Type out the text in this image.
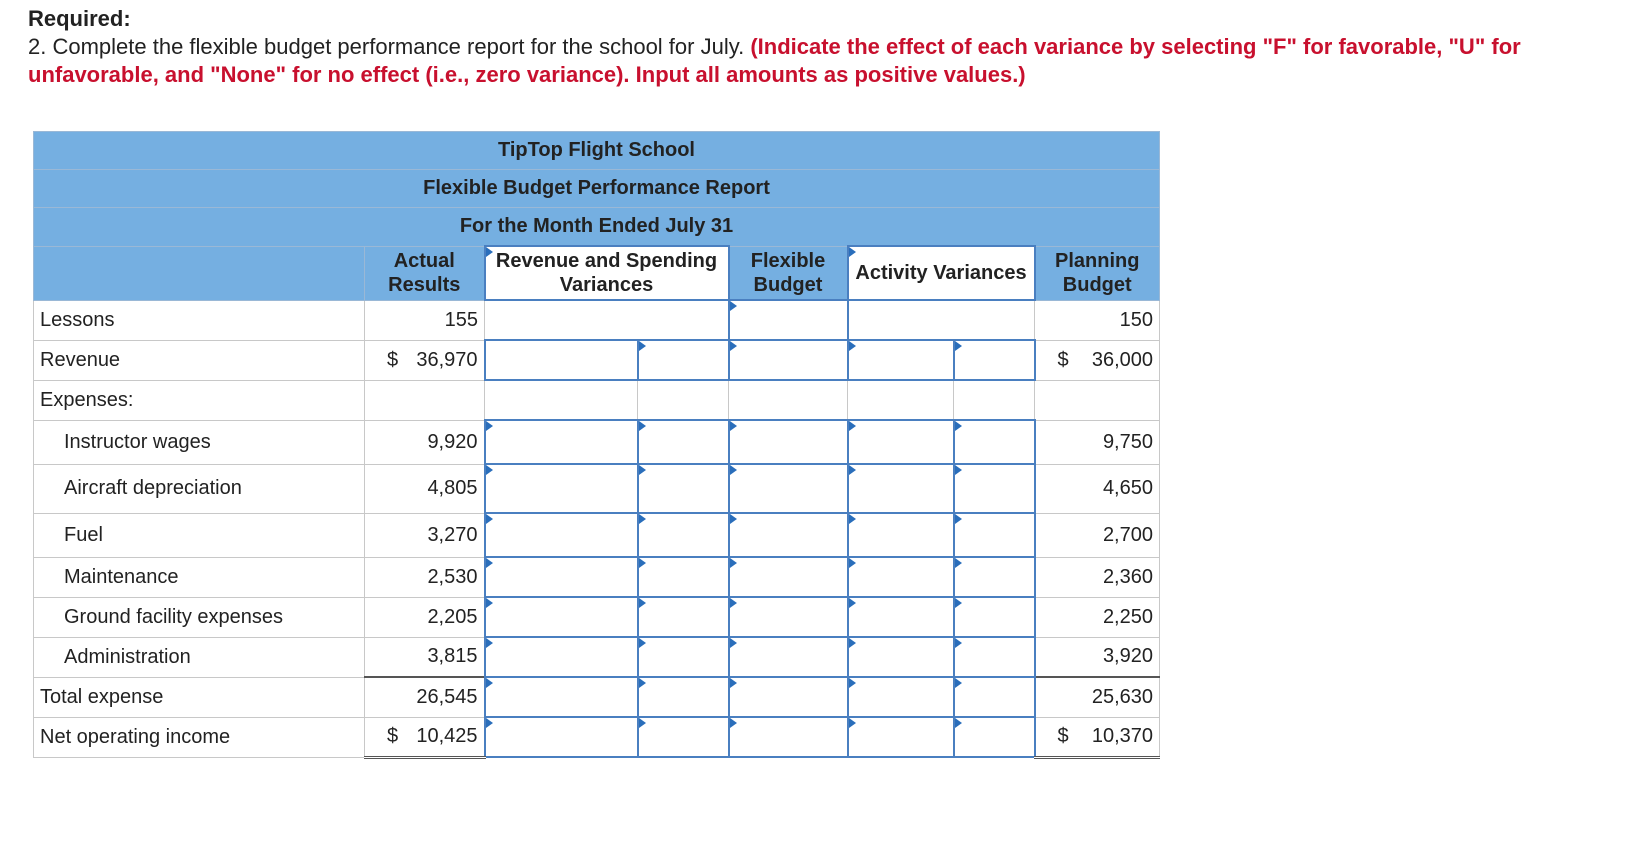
Required:
2. Complete the flexible budget performance report for the school for July. (Indicate the effect of each variance by selecting "F" for favorable, "U" for unfavorable, and "None" for no effect (i.e., zero variance). Input all amounts as positive values.)
TipTop Flight School							
Flexible Budget Performance Report							
For the Month Ended July 31							
	Actual Results	Revenue and Spending Variances		Flexible Budget	Activity Variances		Planning Budget
Lessons	155						150
Revenue	$ 36,970						$ 36,000
Expenses:							
Instructor wages	9,920						9,750
Aircraft depreciation	4,805						4,650
Fuel	3,270						2,700
Maintenance	2,530						2,360
Ground facility expenses	2,205						2,250
Administration	3,815						3,920
Total expense	26,545						25,630
Net operating income	$ 10,425						$ 10,370
